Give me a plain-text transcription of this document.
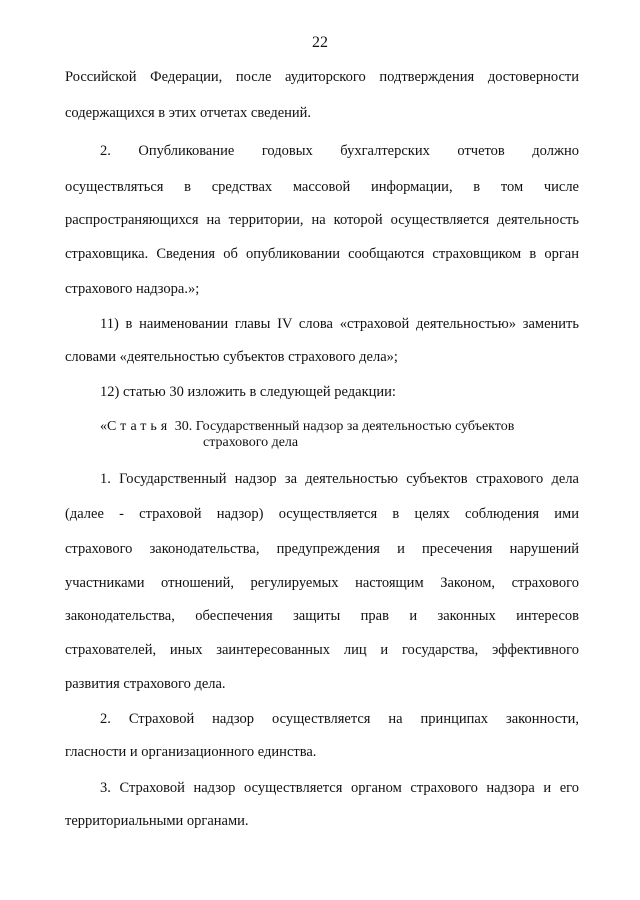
22
Российской Федерации, после аудиторского подтверждения достоверности
содержащихся в этих отчетах сведений.
2. Опубликование годовых бухгалтерских отчетов должно
осуществляться в средствах массовой информации, в том числе
распространяющихся на территории, на которой осуществляется деятельность
страховщика. Сведения об опубликовании сообщаются страховщиком в орган
страхового надзора.»;
11) в наименовании главы IV слова «страховой деятельностью» заменить
словами «деятельностью субъектов страхового дела»;
12) статью 30 изложить в следующей редакции:
«Статья 30. Государственный надзор за деятельностью субъектов
страхового дела
1. Государственный надзор за деятельностью субъектов страхового дела
(далее - страховой надзор) осуществляется в целях соблюдения ими
страхового законодательства, предупреждения и пресечения нарушений
участниками отношений, регулируемых настоящим Законом, страхового
законодательства, обеспечения защиты прав и законных интересов
страхователей, иных заинтересованных лиц и государства, эффективного
развития страхового дела.
2. Страховой надзор осуществляется на принципах законности,
гласности и организационного единства.
3. Страховой надзор осуществляется органом страхового надзора и его
территориальными органами.
